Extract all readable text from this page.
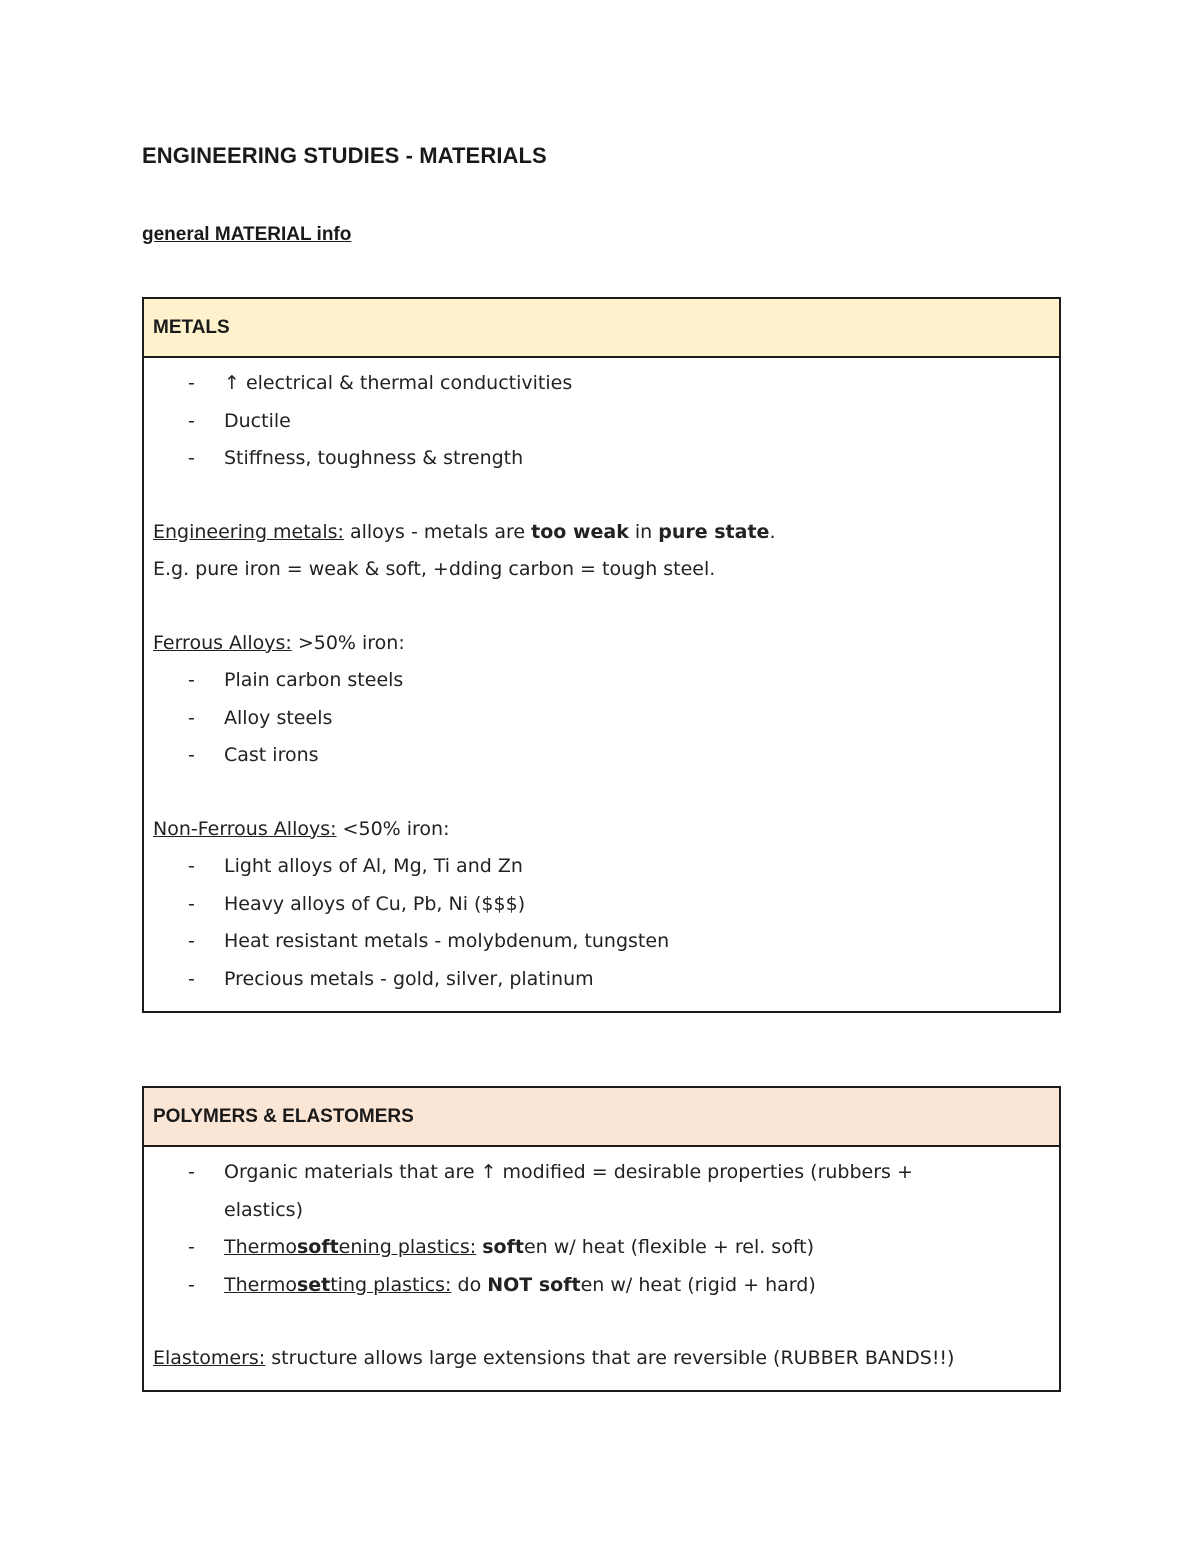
ENGINEERING STUDIES - MATERIALS
general MATERIAL info
METALS
- ↑ electrical & thermal conductivities
- Ductile
- Stiffness, toughness & strength
Engineering metals: alloys - metals are too weak in pure state.
E.g. pure iron = weak & soft, +dding carbon = tough steel.
Ferrous Alloys: >50% iron:
- Plain carbon steels
- Alloy steels
- Cast irons
Non-Ferrous Alloys: <50% iron:
- Light alloys of Al, Mg, Ti and Zn
- Heavy alloys of Cu, Pb, Ni ($$$)
- Heat resistant metals - molybdenum, tungsten
- Precious metals - gold, silver, platinum
POLYMERS & ELASTOMERS
- Organic materials that are ↑ modified = desirable properties (rubbers +
elastics)
- Thermosoftening plastics: soften w/ heat (flexible + rel. soft)
- Thermosetting plastics: do NOT soften w/ heat (rigid + hard)
Elastomers: structure allows large extensions that are reversible (RUBBER BANDS!!)
